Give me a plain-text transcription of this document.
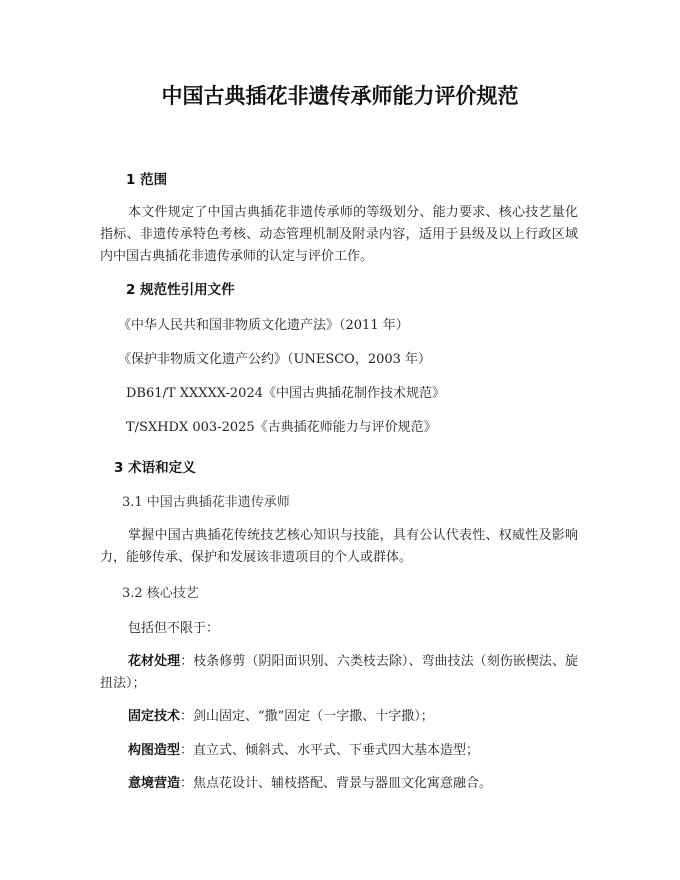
中国古典插花非遗传承师能力评价规范
1 范围
本文件规定了中国古典插花非遗传承师的等级划分、能力要求、核心技艺量化指标、非遗传承特色考核、动态管理机制及附录内容，适用于县级及以上行政区域内中国古典插花非遗传承师的认定与评价工作。
2 规范性引用文件
《中华人民共和国非物质文化遗产法》（2011 年）
《保护非物质文化遗产公约》（UNESCO，2003 年）
DB61/T XXXXX-2024《中国古典插花制作技术规范》
T/SXHDX 003-2025《古典插花师能力与评价规范》
3 术语和定义
3.1 中国古典插花非遗传承师
掌握中国古典插花传统技艺核心知识与技能，具有公认代表性、权威性及影响力，能够传承、保护和发展该非遗项目的个人或群体。
3.2 核心技艺
包括但不限于：
花材处理：枝条修剪（阴阳面识别、六类枝去除）、弯曲技法（刻伤嵌楔法、旋扭法）；
固定技术：剑山固定、“撒”固定（一字撒、十字撒）；
构图造型：直立式、倾斜式、水平式、下垂式四大基本造型；
意境营造：焦点花设计、辅枝搭配、背景与器皿文化寓意融合。
